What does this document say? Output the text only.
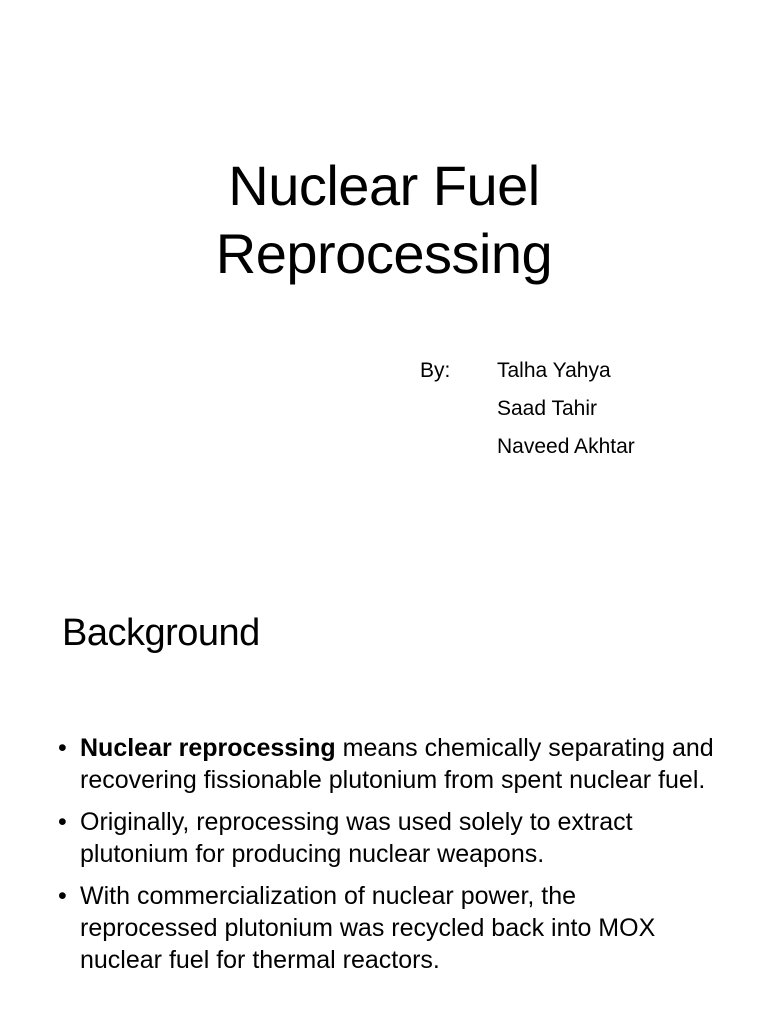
Nuclear Fuel
Reprocessing
By: Talha Yahya
Saad Tahir
Naveed Akhtar
Background
• Nuclear reprocessing means chemically separating and recovering fissionable plutonium from spent nuclear fuel.
• Originally, reprocessing was used solely to extract plutonium for producing nuclear weapons.
• With commercialization of nuclear power, the reprocessed plutonium was recycled back into MOX nuclear fuel for thermal reactors.
